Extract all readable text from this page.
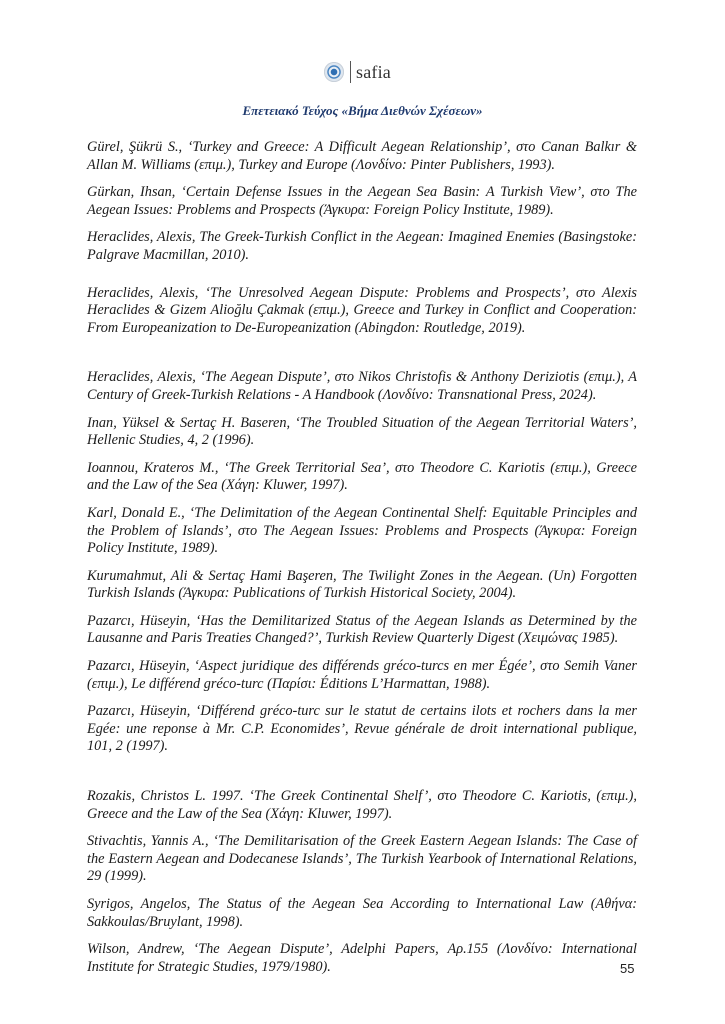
safia
Επετειακό Τεύχος «Βήμα Διεθνών Σχέσεων»

Gürel, Şükrü S., ‘Turkey and Greece: A Difficult Aegean Relationship’, στο Canan Balkır & Allan M. Williams (επιμ.), Turkey and Europe (Λονδίνο: Pinter Publishers, 1993).

Gürkan, Ihsan, ‘Certain Defense Issues in the Aegean Sea Basin: A Turkish View’, στο The Aegean Issues: Problems and Prospects (Άγκυρα: Foreign Policy Institute, 1989).

Heraclides, Alexis, The Greek-Turkish Conflict in the Aegean: Imagined Enemies (Basingstoke: Palgrave Macmillan, 2010).

Heraclides, Alexis, ‘The Unresolved Aegean Dispute: Problems and Prospects’, στο Alexis Heraclides & Gizem Alioğlu Çakmak (επιμ.), Greece and Turkey in Conflict and Cooperation: From Europeanization to De-Europeanization (Abingdon: Routledge, 2019).

Heraclides, Alexis, ‘The Aegean Dispute’, στο Nikos Christofis & Anthony Deriziotis (επιμ.), A Century of Greek-Turkish Relations - A Handbook (Λονδίνο: Transnational Press, 2024).

Inan, Yüksel & Sertaç H. Baseren, ‘The Troubled Situation of the Aegean Territorial Waters’, Hellenic Studies, 4, 2 (1996).

Ioannou, Krateros M., ‘The Greek Territorial Sea’, στο Theodore C. Kariotis (επιμ.), Greece and the Law of the Sea (Χάγη: Kluwer, 1997).

Karl, Donald E., ‘The Delimitation of the Aegean Continental Shelf: Equitable Principles and the Problem of Islands’, στο The Aegean Issues: Problems and Prospects (Άγκυρα: Foreign Policy Institute, 1989).

Kurumahmut, Ali & Sertaç Hami Başeren, The Twilight Zones in the Aegean. (Un) Forgotten Turkish Islands (Άγκυρα: Publications of Turkish Historical Society, 2004).

Pazarcı, Hüseyin, ‘Has the Demilitarized Status of the Aegean Islands as Determined by the Lausanne and Paris Treaties Changed?’, Turkish Review Quarterly Digest (Χειμώνας 1985).

Pazarcı, Hüseyin, ‘Aspect juridique des différends gréco-turcs en mer Égée’, στο Semih Vaner (επιμ.), Le différend gréco-turc (Παρίσι: Éditions L’Harmattan, 1988).

Pazarcı, Hüseyin, ‘Différend gréco-turc sur le statut de certains ilots et rochers dans la mer Egée: une reponse à Mr. C.P. Economides’, Revue générale de droit international publique, 101, 2 (1997).

Rozakis, Christos L. 1997. ‘The Greek Continental Shelf’, στο Theodore C. Kariotis, (επιμ.), Greece and the Law of the Sea (Χάγη: Kluwer, 1997).

Stivachtis, Yannis A., ‘The Demilitarisation of the Greek Eastern Aegean Islands: The Case of the Eastern Aegean and Dodecanese Islands’, The Turkish Yearbook of International Relations, 29 (1999).

Syrigos, Angelos, The Status of the Aegean Sea According to International Law (Αθήνα: Sakkoulas/Bruylant, 1998).

Wilson, Andrew, ‘The Aegean Dispute’, Adelphi Papers, Αρ.155 (Λονδίνο: International Institute for Strategic Studies, 1979/1980).	55
